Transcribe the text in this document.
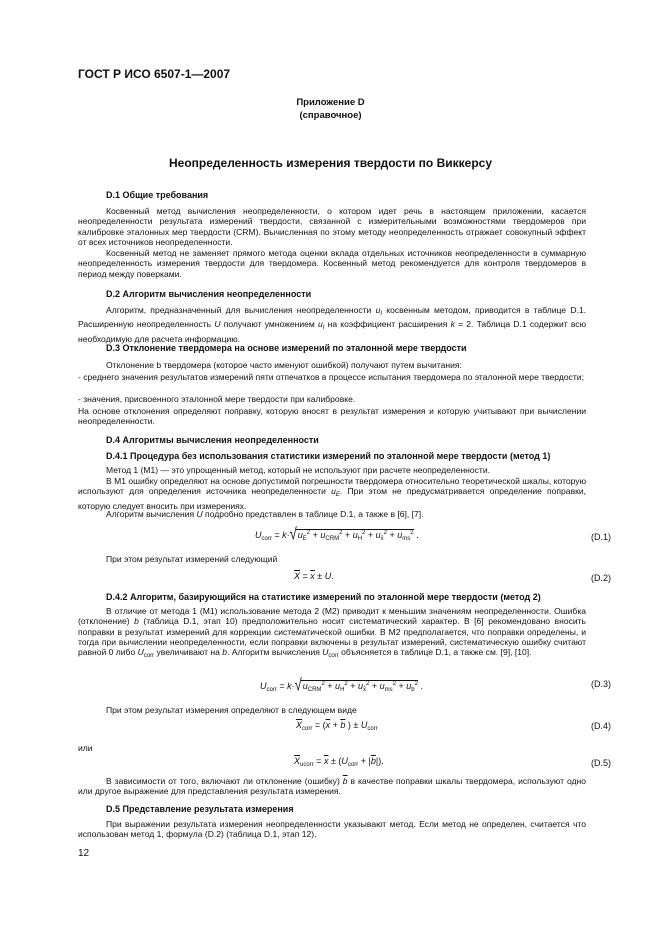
ГОСТ Р ИСО 6507-1—2007
Приложение D
(справочное)
Неопределенность измерения твердости по Виккерсу
D.1 Общие требования

Косвенный метод вычисления неопределенности, о котором идет речь в настоящем приложении, касается неопределенности результата измерений твердости, связанной с измерительными возможностями твердомеров при калибровке эталонных мер твердости (CRM). Вычисленная по этому методу неопределенность отражает совокупный эффект от всех источников неопределенности.

Косвенный метод не заменяет прямого метода оценки вклада отдельных источников неопределенности в суммарную неопределенность измерения твердости для твердомера. Косвенный метод рекомендуется для контроля твердомеров в период между поверками.

D.2 Алгоритм вычисления неопределенности

Алгоритм, предназначенный для вычисления неопределенности $u_I$ косвенным методом, приводится в таблице D.1. Расширенную неопределенность U получают умножением $u_I$ на коэффициент расширения k = 2. Таблица D.1 содержит всю необходимую для расчета информацию.

D.3 Отклонение твердомера на основе измерений по эталонной мере твердости

Отклонение b твердомера (которое часто именуют ошибкой) получают путем вычитания:

- среднего значения результатов измерений пяти отпечатков в процессе испытания твердомера по эталонной мере твердости;

- значения, присвоенного эталонной мере твердости при калибровке.

На основе отклонения определяют поправку, которую вносят в результат измерения и которую учитывают при вычислении неопределенности.

D.4 Алгоритмы вычисления неопределенности
D.4.1 Процедура без использования статистики измерений по эталонной мере твердости (метод 1)

Метод 1 (М1) — это упрощенный метод, который не используют при расчете неопределенности.

В М1 ошибку определяют на основе допустимой погрешности твердомера относительно теоретической шкалы, которую используют для определения источника неопределенности $u_E$. При этом не предусматривается определение поправки, которую следует вносить при измерениях.

Алгоритм вычисления U подробно представлен в таблице D.1, а также в [6], [7].

$U_{corr} = k\cdot√u_E^2 + u_{CRM}^2 + u_H^2 + u_{x̄}^2 + u_{ms}^2$ .	(D.1)

При этом результат измерений следующий

$\overline{X} = \overline{x} \pm U$.	(D.2)
D.4.2 Алгоритм, базирующийся на статистике измерений по эталонной мере твердости (метод 2)

В отличие от метода 1 (М1) использование метода 2 (М2) приводит к меньшим значениям неопределенности. Ошибка (отклонение) b (таблица D.1, этап 10) предположительно носит систематический характер. В [6] рекомендовано вносить поправки в результат измерений для коррекции систематической ошибки. В М2 предполагается, что поправки определены, и тогда при вычислении неопределенности, если поправки включены в результат измерений, систематическую ошибку считают равной 0 либо $U_{corr}$ увеличивают на b. Алгоритм вычисления $U_{corr}$ объясняется в таблице D.1, а также см. [9], [10].

$U_{corr} = k\cdot√u_{CRM}^2 + u_H^2 + u_{x̄}^2 + u_{ms}^2 + u_b^2$ .	(D.3)

При этом результат измерения определяют в следующем виде

$\overline{X}_{corr} = (\overline{x} + \overline{b}$ ) ± $U_{corr}$	(D.4)
или
$\overline{X}_{ucorr} = \overline{x} \pm (U_{corr} + |\overline{b}|)$.	(D.5)

В зависимости от того, включают ли отклонение (ошибку) $\overline{b}$ в качестве поправки шкалы твердомера, используют одно или другое выражение для представления результата измерения.

D.5 Представление результата измерения

При выражении результата измерения неопределенности указывают метод. Если метод не определен, считается что использован метод 1, формула (D.2) (таблица D.1, этап 12).

12
